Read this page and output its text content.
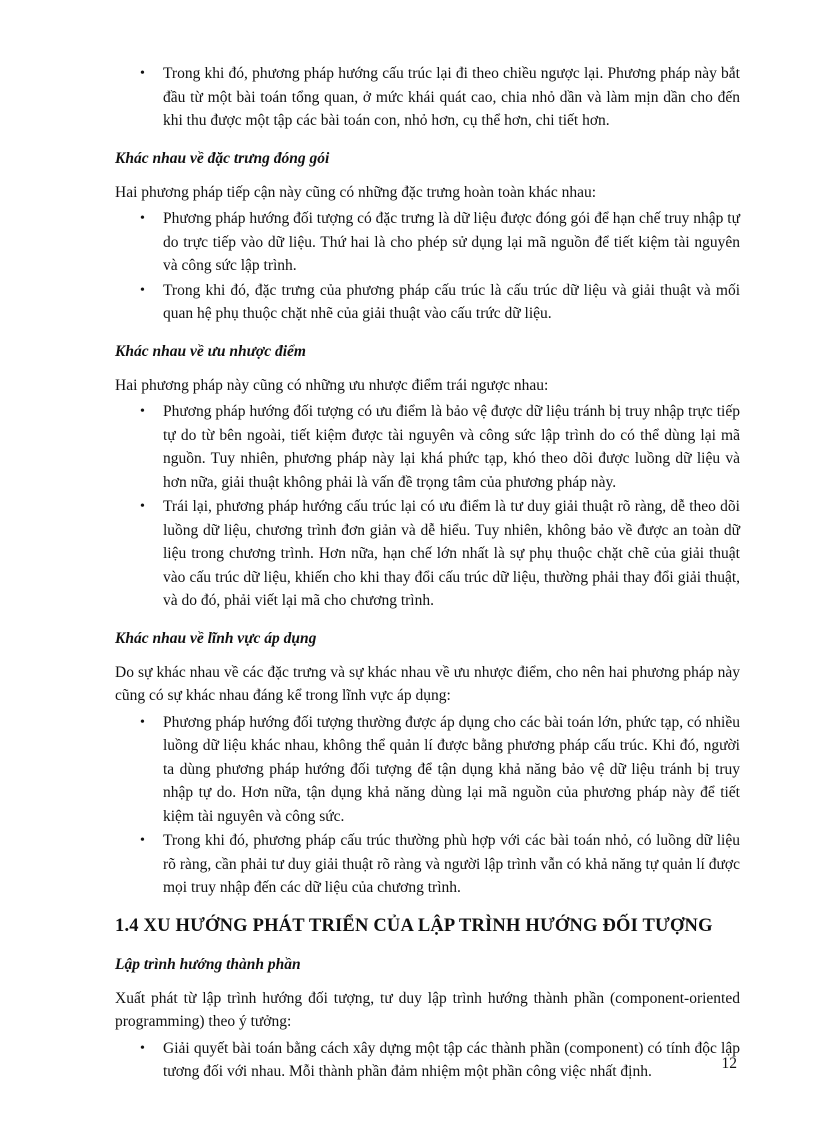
•	Trong khi đó, phương pháp hướng cấu trúc lại đi theo chiều ngược lại. Phương pháp này bắt đầu từ một bài toán tổng quan, ở mức khái quát cao, chia nhỏ dần và làm mịn dần cho đến khi thu được một tập các bài toán con, nhỏ hơn, cụ thể hơn, chi tiết hơn.
Khác nhau về đặc trưng đóng gói

Hai phương pháp tiếp cận này cũng có những đặc trưng hoàn toàn khác nhau:

•	Phương pháp hướng đối tượng có đặc trưng là dữ liệu được đóng gói để hạn chế truy nhập tự do trực tiếp vào dữ liệu. Thứ hai là cho phép sử dụng lại mã nguồn để tiết kiệm tài nguyên và công sức lập trình.
•	Trong khi đó, đặc trưng của phương pháp cấu trúc là cấu trúc dữ liệu và giải thuật và mối quan hệ phụ thuộc chặt nhẽ của giải thuật vào cấu trức dữ liệu.
Khác nhau về ưu nhược điểm

Hai phương pháp này cũng có những ưu nhược điểm trái ngược nhau:

•	Phương pháp hướng đối tượng có ưu điểm là bảo vệ được dữ liệu tránh bị truy nhập trực tiếp tự do từ bên ngoài, tiết kiệm được tài nguyên và công sức lập trình do có thể dùng lại mã nguồn. Tuy nhiên, phương pháp này lại khá phức tạp, khó theo dõi được luồng dữ liệu và hơn nữa, giải thuật không phải là vấn đề trọng tâm của phương pháp này.
•	Trái lại, phương pháp hướng cấu trúc lại có ưu điểm là tư duy giải thuật rõ ràng, dễ theo dõi luồng dữ liệu, chương trình đơn giản và dễ hiểu. Tuy nhiên, không bảo về được an toàn dữ liệu trong chương trình. Hơn nữa, hạn chế lớn nhất là sự phụ thuộc chặt chẽ của giải thuật vào cấu trúc dữ liệu, khiến cho khi thay đổi cấu trúc dữ liệu, thường phải thay đổi giải thuật, và do đó, phải viết lại mã cho chương trình.
Khác nhau về lĩnh vực áp dụng

Do sự khác nhau về các đặc trưng và sự khác nhau về ưu nhược điểm, cho nên hai phương pháp này cũng có sự khác nhau đáng kể trong lĩnh vực áp dụng:

•	Phương pháp hướng đối tượng thường được áp dụng cho các bài toán lớn, phức tạp, có nhiều luồng dữ liệu khác nhau, không thể quản lí được bằng phương pháp cấu trúc. Khi đó, người ta dùng phương pháp hướng đối tượng để tận dụng khả năng bảo vệ dữ liệu tránh bị truy nhập tự do. Hơn nữa, tận dụng khả năng dùng lại mã nguồn của phương pháp này để tiết kiệm tài nguyên và công sức.
•	Trong khi đó, phương pháp cấu trúc thường phù hợp với các bài toán nhỏ, có luồng dữ liệu rõ ràng, cần phải tư duy giải thuật rõ ràng và người lập trình vẫn có khả năng tự quản lí được mọi truy nhập đến các dữ liệu của chương trình.
1.4 XU HƯỚNG PHÁT TRIỂN CỦA LẬP TRÌNH HƯỚNG ĐỐI TƯỢNG
Lập trình hướng thành phần

Xuất phát từ lập trình hướng đối tượng, tư duy lập trình hướng thành phần (component-oriented programming) theo ý tưởng:

•	Giải quyết bài toán bằng cách xây dựng một tập các thành phần (component) có tính độc lập tương đối với nhau. Mỗi thành phần đảm nhiệm một phần công việc nhất định.	12
